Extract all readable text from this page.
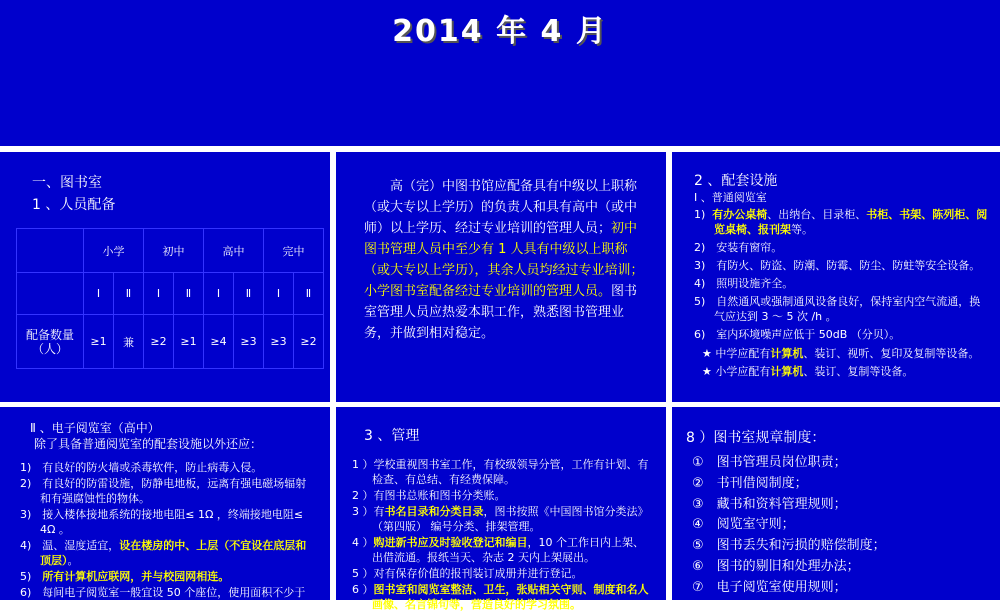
2014 年 4 月
一、图书室
1 、人员配备
	小学		初中		高中		完中	
	Ⅰ	Ⅱ	Ⅰ	Ⅱ	Ⅰ	Ⅱ	Ⅰ	Ⅱ
配备数量（人）	≥1	兼	≥2	≥1	≥4	≥3	≥3	≥2
高（完）中图书馆应配备具有中级以上职称（或大专以上学历）的负责人和具有高中（或中师）以上学历、经过专业培训的管理人员；初中图书管理人员中至少有 1 人具有中级以上职称（或大专以上学历），其余人员均经过专业培训；小学图书室配备经过专业培训的管理人员。图书室管理人员应热爱本职工作，熟悉图书管理业务，并做到相对稳定。
2 、配套设施
Ⅰ 、普通阅览室
1) 有办公桌椅、出纳台、目录柜、书柜、书架、陈列柜、阅览桌椅、报刊架等。
2)　安装有窗帘。
3)　有防火、防盗、防潮、防霉、防尘、防蛀等安全设备。
4)　照明设施齐全。
5)　自然通风或强制通风设备良好，保持室内空气流通，换气应达到 3 ～ 5 次 /h 。
6)　室内环境噪声应低于 50dB （分贝）。
★ 中学应配有计算机、装订、视听、复印及复制等设备。
★ 小学应配有计算机、装订、复制等设备。
Ⅱ 、电子阅览室（高中）
除了具备普通阅览室的配套设施以外还应：
1)　有良好的防火墙或杀毒软件，防止病毒入侵。
2)　有良好的防雷设施，防静电地板，远离有强电磁场辐射和有强腐蚀性的物体。
3)　接入楼体接地系统的接地电阻≤ 1Ω ，终端接地电阻≤ 4Ω 。
4)　温、湿度适宜，设在楼房的中、上层（不宜设在底层和顶层）。
5)　所有计算机应联网，并与校园网相连。
6)　每间电子阅览室一般宜设 50 个座位，使用面积不少于 90 ㎡（1.8 ㎡/座）。
3 、管理
1 ）学校重视图书室工作，有校级领导分管，工作有计划、有检查、有总结、有经费保障。
2 ）有图书总账和图书分类账。
3 ）有书名目录和分类目录，图书按照《中国图书馆分类法》（第四版） 编号分类、排架管理。
4 ）购进新书应及时验收登记和编目，10 个工作日内上架、出借流通。报纸当天、杂志 2 天内上架展出。
5 ）对有保存价值的报刊装订成册并进行登记。
6 ）图书室和阅览室整洁、卫生，张贴相关守则、制度和名人画像、名言锦句等，营造良好的学习氛围。
8 ）图书室规章制度：
①　图书管理员岗位职责；
②　书刊借阅制度；
③　藏书和资料管理规则；
④　阅览室守则；
⑤　图书丢失和污损的赔偿制度；
⑥　图书的剔旧和处理办法；
⑦　电子阅览室使用规则；
